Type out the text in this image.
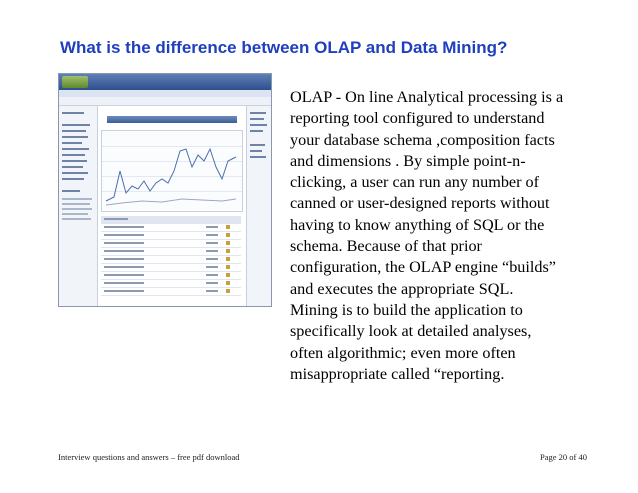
What is the difference between OLAP and Data Mining?
OLAP - On line Analytical processing is a
reporting tool configured to understand
your database schema ,composition facts
and dimensions . By simple point-n-
clicking, a user can run any number of
canned or user-designed reports without
having to know anything of SQL or the
schema. Because of that prior
configuration, the OLAP engine “builds”
and executes the appropriate SQL.
Mining is to build the application to
specifically look at detailed analyses,
often algorithmic; even more often
misappropriate called “reporting.
Interview questions and answers – free pdf download	Page 20 of 40
